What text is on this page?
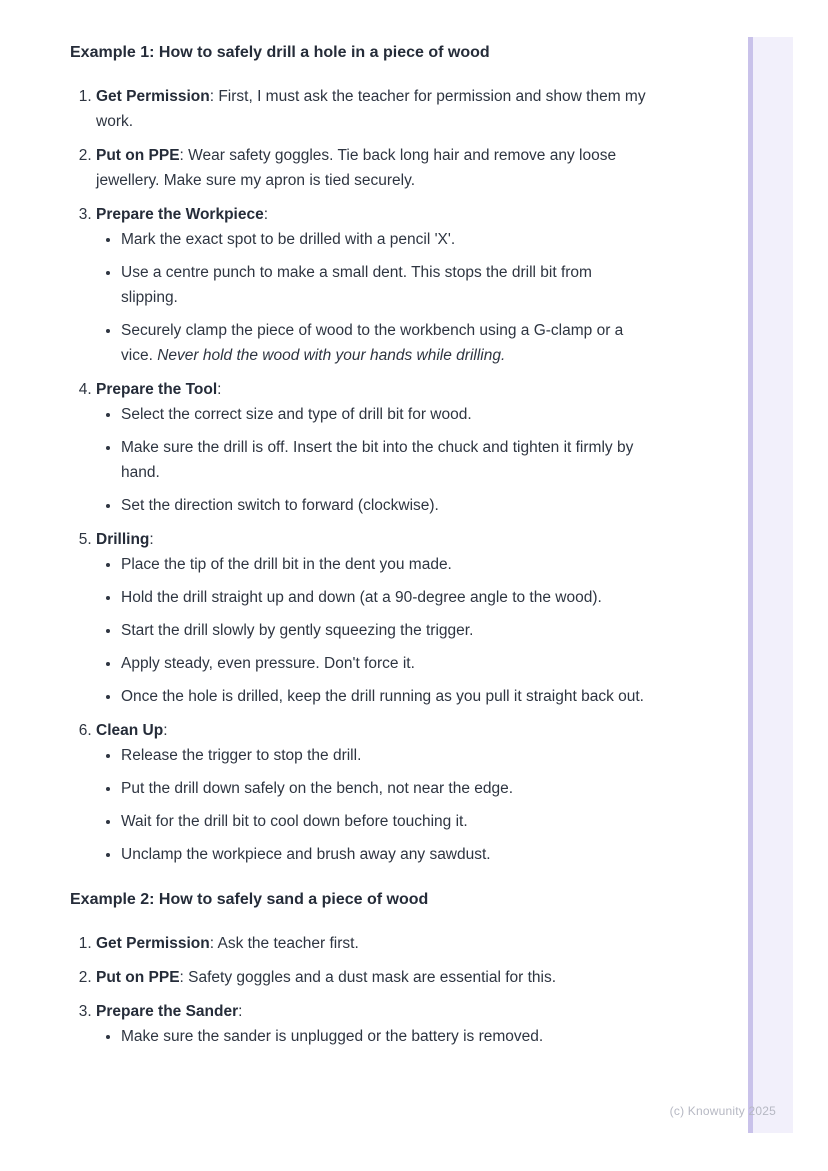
Example 1: How to safely drill a hole in a piece of wood
1. Get Permission: First, I must ask the teacher for permission and show them my work.
2. Put on PPE: Wear safety goggles. Tie back long hair and remove any loose jewellery. Make sure my apron is tied securely.
3. Prepare the Workpiece:
• Mark the exact spot to be drilled with a pencil 'X'.
• Use a centre punch to make a small dent. This stops the drill bit from slipping.
• Securely clamp the piece of wood to the workbench using a G-clamp or a vice. Never hold the wood with your hands while drilling.
4. Prepare the Tool:
• Select the correct size and type of drill bit for wood.
• Make sure the drill is off. Insert the bit into the chuck and tighten it firmly by hand.
• Set the direction switch to forward (clockwise).
5. Drilling:
• Place the tip of the drill bit in the dent you made.
• Hold the drill straight up and down (at a 90-degree angle to the wood).
• Start the drill slowly by gently squeezing the trigger.
• Apply steady, even pressure. Don't force it.
• Once the hole is drilled, keep the drill running as you pull it straight back out.
6. Clean Up:
• Release the trigger to stop the drill.
• Put the drill down safely on the bench, not near the edge.
• Wait for the drill bit to cool down before touching it.
• Unclamp the workpiece and brush away any sawdust.
Example 2: How to safely sand a piece of wood
1. Get Permission: Ask the teacher first.
2. Put on PPE: Safety goggles and a dust mask are essential for this.
3. Prepare the Sander:
• Make sure the sander is unplugged or the battery is removed.
(c) Knowunity 2025
